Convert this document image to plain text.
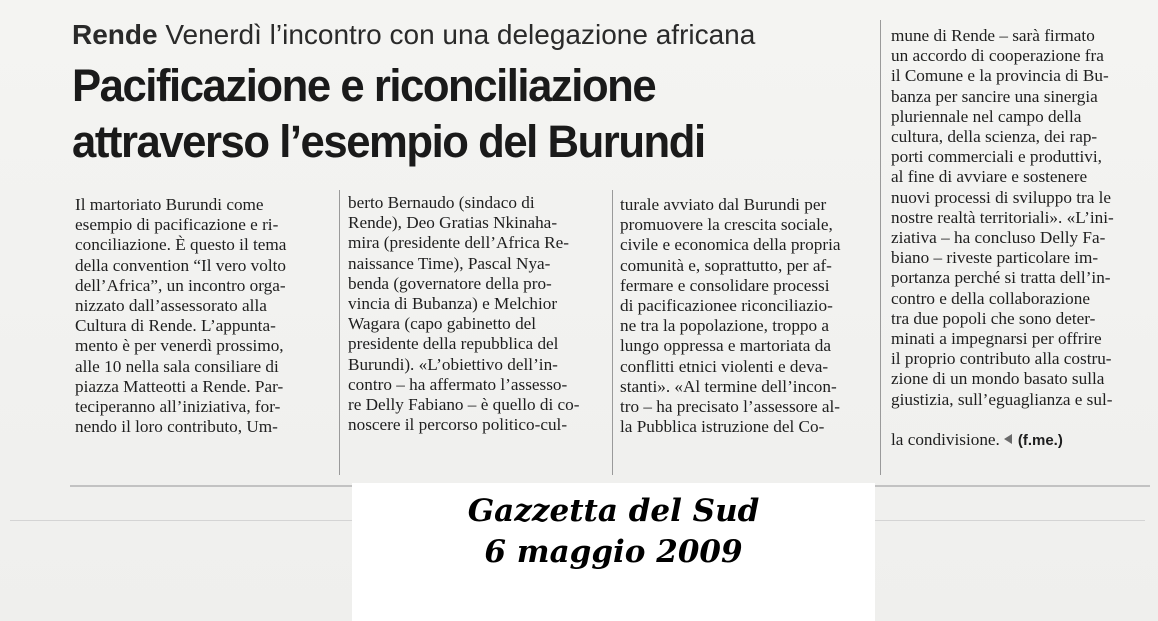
Rende Venerdì l’incontro con una delegazione africana
Pacificazione e riconciliazione
attraverso l’esempio del Burundi
Il martoriato Burundi come
esempio di pacificazione e ri-
conciliazione. È questo il tema
della convention “Il vero volto
dell’Africa”, un incontro orga-
nizzato dall’assessorato alla
Cultura di Rende. L’appunta-
mento è per venerdì prossimo,
alle 10 nella sala consiliare di
piazza Matteotti a Rende. Par-
teciperanno all’iniziativa, for-
nendo il loro contributo, Um-
berto Bernaudo (sindaco di
Rende), Deo Gratias Nkinaha-
mira (presidente dell’Africa Re-
naissance Time), Pascal Nya-
benda (governatore della pro-
vincia di Bubanza) e Melchior
Wagara (capo gabinetto del
presidente della repubblica del
Burundi). «L’obiettivo dell’in-
contro – ha affermato l’assesso-
re Delly Fabiano – è quello di co-
noscere il percorso politico-cul-
turale avviato dal Burundi per
promuovere la crescita sociale,
civile e economica della propria
comunità e, soprattutto, per af-
fermare e consolidare processi
di pacificazionee riconciliazio-
ne tra la popolazione, troppo a
lungo oppressa e martoriata da
conflitti etnici violenti e deva-
stanti». «Al termine dell’incon-
tro – ha precisato l’assessore al-
la Pubblica istruzione del Co-
mune di Rende – sarà firmato
un accordo di cooperazione fra
il Comune e la provincia di Bu-
banza per sancire una sinergia
pluriennale nel campo della
cultura, della scienza, dei rap-
porti commerciali e produttivi,
al fine di avviare e sostenere
nuovi processi di sviluppo tra le
nostre realtà territoriali». «L’ini-
ziativa – ha concluso Delly Fa-
biano – riveste particolare im-
portanza perché si tratta dell’in-
contro e della collaborazione
tra due popoli che sono deter-
minati a impegnarsi per offrire
il proprio contributo alla costru-
zione di un mondo basato sulla
giustizia, sull’eguaglianza e sul-
la condivisione. (f.me.)
Gazzetta del Sud
6 maggio 2009
